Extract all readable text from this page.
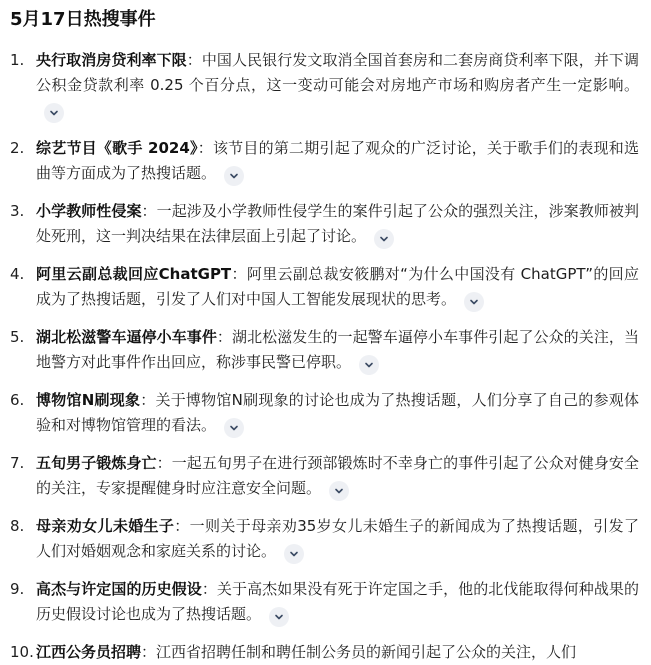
5月17日热搜事件
1. 央行取消房贷利率下限：中国人民银行发文取消全国首套房和二套房商贷利率下限，并下调公积金贷款利率 0.25 个百分点，这一变动可能会对房地产市场和购房者产生一定影响。
2. 综艺节目《歌手 2024》：该节目的第二期引起了观众的广泛讨论，关于歌手们的表现和选曲等方面成为了热搜话题。
3. 小学教师性侵案：一起涉及小学教师性侵学生的案件引起了公众的强烈关注，涉案教师被判处死刑，这一判决结果在法律层面上引起了讨论。
4. 阿里云副总裁回应ChatGPT：阿里云副总裁安筱鹏对“为什么中国没有 ChatGPT”的回应成为了热搜话题，引发了人们对中国人工智能发展现状的思考。
5. 湖北松滋警车逼停小车事件：湖北松滋发生的一起警车逼停小车事件引起了公众的关注，当地警方对此事件作出回应，称涉事民警已停职。
6. 博物馆N刷现象：关于博物馆N刷现象的讨论也成为了热搜话题，人们分享了自己的参观体验和对博物馆管理的看法。
7. 五旬男子锻炼身亡：一起五旬男子在进行颈部锻炼时不幸身亡的事件引起了公众对健身安全的关注，专家提醒健身时应注意安全问题。
8. 母亲劝女儿未婚生子：一则关于母亲劝35岁女儿未婚生子的新闻成为了热搜话题，引发了人们对婚姻观念和家庭关系的讨论。
9. 高杰与许定国的历史假设：关于高杰如果没有死于许定国之手，他的北伐能取得何种战果的历史假设讨论也成为了热搜话题。
10. 江西公务员招聘：江西省招聘任制和聘任制公务员的新闻引起了公众的关注，人们
